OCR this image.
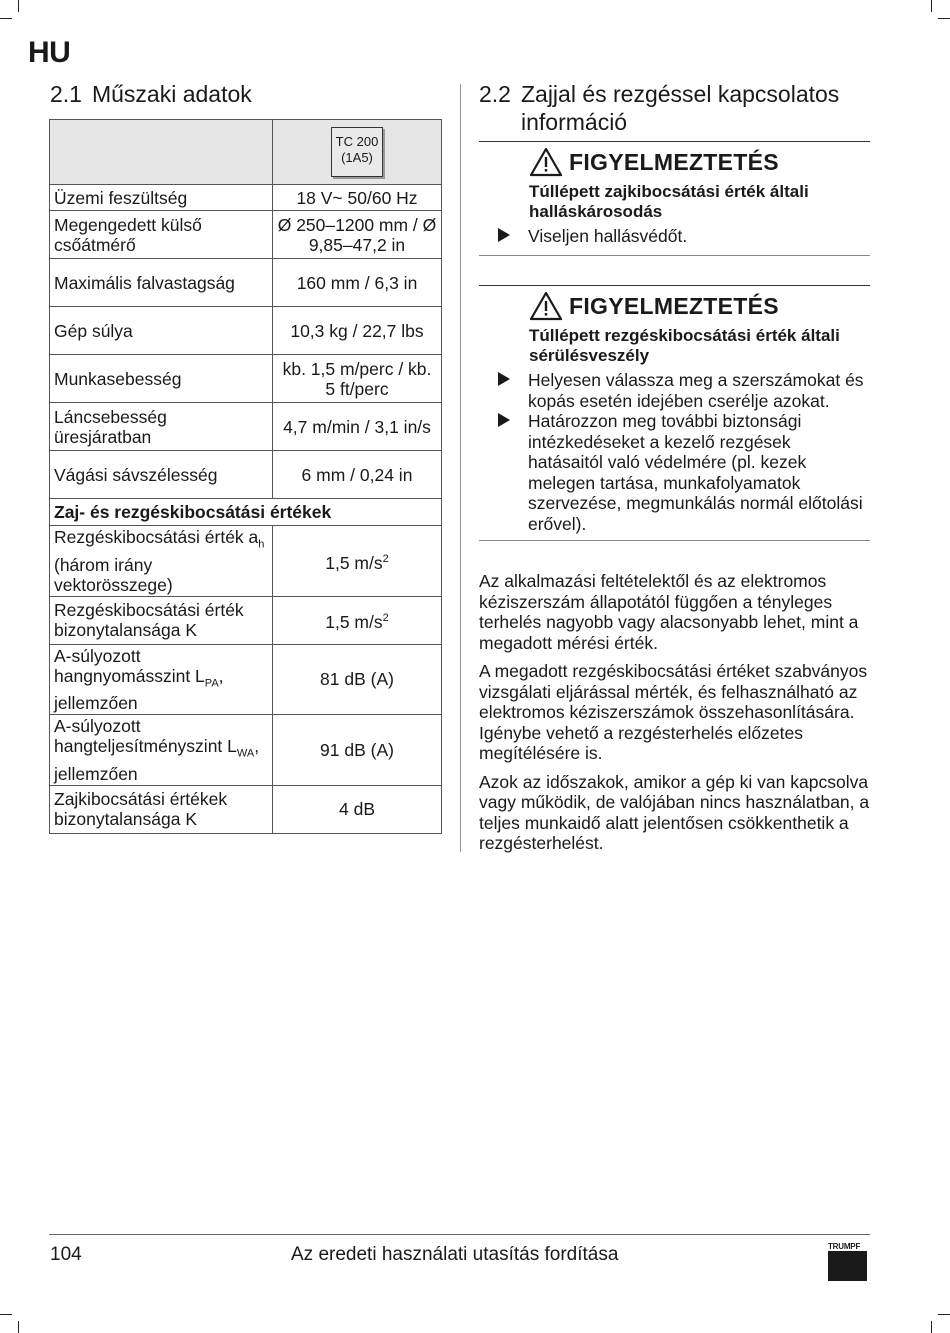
HU
2.1 Műszaki adatok	2.2 Zajjal és rezgéssel kapcsolatos
információ

	TC 200
(1A5)

Üzemi feszültség	18 V~ 50/60 Hz
Megengedett külső csőátmérő	Ø 250–1200 mm / Ø 9,85–47,2 in
Maximális falvastagság	160 mm / 6,3 in
Gép súlya	10,3 kg / 22,7 lbs
Munkasebesség	kb. 1,5 m/perc / kb. 5 ft/perc
Láncsebesség üresjáratban	4,7 m/min / 3,1 in/s
Vágási sávszélesség	6 mm / 0,24 in
Zaj- és rezgéskibocsátási értékek	
Rezgéskibocsátási érték $a_h$ (három irány vektorösszege)	1,5 $m/s^2$
Rezgéskibocsátási érték bizonytalansága K	1,5 $m/s^2$
A-súlyozott hangnyomásszint $L_{PA}$, jellemzően	81 dB (A)
A-súlyozott hangteljesítményszint $L_{WA}$, jellemzően	91 dB (A)
Zajkibocsátási értékek bizonytalansága K	4 dB
FIGYELMEZTETÉS
Túllépett zajkibocsátási érték általi halláskárosodás
Viseljen hallásvédőt.
FIGYELMEZTETÉS
Túllépett rezgéskibocsátási érték általi sérülésveszély
Helyesen válassza meg a szerszámokat és kopás esetén idejében cserélje azokat.
Határozzon meg további biztonsági intézkedéseket a kezelő rezgések hatásaitól való védelmére (pl. kezek melegen tartása, munkafolyamatok szervezése, megmunkálás normál előtolási erővel).

Az alkalmazási feltételektől és az elektromos kéziszerszám állapotától függően a tényleges terhelés nagyobb vagy alacsonyabb lehet, mint a megadott mérési érték.

A megadott rezgéskibocsátási értéket szabványos vizsgálati eljárással mérték, és felhasználható az elektromos kéziszerszámok összehasonlítására. Igénybe vehető a rezgésterhelés előzetes megítélésére is.

Azok az időszakok, amikor a gép ki van kapcsolva vagy működik, de valójában nincs használatban, a teljes munkaidő alatt jelentősen csökkenthetik a rezgésterhelést.

104	Az eredeti használati utasítás fordítása	TRUMPF
